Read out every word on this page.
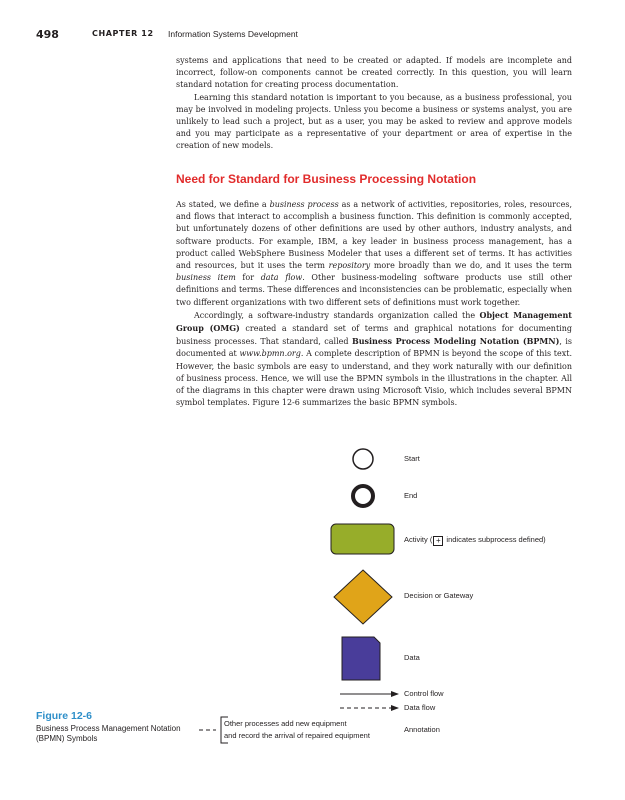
498	CHAPTER 12 Information Systems Development

systems and applications that need to be created or adapted. If models are incomplete and incorrect, follow-on components cannot be created correctly. In this question, you will learn standard notation for creating process documentation.

Learning this standard notation is important to you because, as a business professional, you may be involved in modeling projects. Unless you become a business or systems analyst, you are unlikely to lead such a project, but as a user, you may be asked to review and approve models and you may participate as a representative of your department or area of expertise in the creation of new models.

Need for Standard for Business Processing Notation

As stated, we define a business process as a network of activities, repositories, roles, resources, and flows that interact to accomplish a business function. This definition is commonly accepted, but unfortunately dozens of other definitions are used by other authors, industry analysts, and software products. For example, IBM, a key leader in business process management, has a product called WebSphere Business Modeler that uses a different set of terms. It has activities and resources, but it uses the term repository more broadly than we do, and it uses the term business item for data flow. Other business-modeling software products use still other definitions and terms. These differences and inconsistencies can be problematic, especially when two different organizations with two different sets of definitions must work together.

Accordingly, a software-industry standards organization called the Object Management Group (OMG) created a standard set of terms and graphical notations for documenting business processes. That standard, called Business Process Modeling Notation (BPMN), is documented at www.bpmn.org. A complete description of BPMN is beyond the scope of this text. However, the basic symbols are easy to understand, and they work naturally with our definition of business process. Hence, we will use the BPMN symbols in the illustrations in the chapter. All of the diagrams in this chapter were drawn using Microsoft Visio, which includes several BPMN symbol templates. Figure 12-6 summarizes the basic BPMN symbols.

Other processes add new equipment
and record the arrival of repaired equipment
Start
End
Activity ( + indicates subprocess defined)
Decision or Gateway
Data
Control flow
Data flow
Annotation
Figure 12-6
Business Process Management Notation (BPMN) Symbols
